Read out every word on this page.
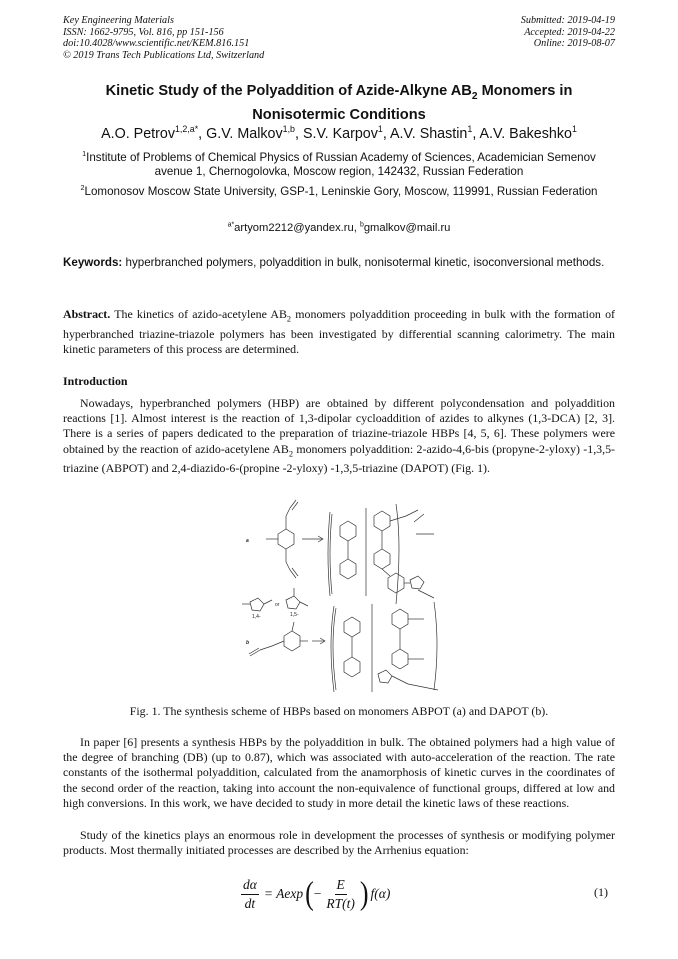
Key Engineering Materials
ISSN: 1662-9795, Vol. 816, pp 151-156
doi:10.4028/www.scientific.net/KEM.816.151
© 2019 Trans Tech Publications Ltd, Switzerland
Submitted: 2019-04-19
Accepted: 2019-04-22
Online: 2019-08-07
Kinetic Study of the Polyaddition of Azide-Alkyne $AB_2$ Monomers in Nonisotermic Conditions
A.O. Petrov$^{1,2,a*}$, G.V. Malkov$^{1,b}$, S.V. Karpov$^1$, A.V. Shastin$^1$, A.V. Bakeshko$^1$
$^1$Institute of Problems of Chemical Physics of Russian Academy of Sciences, Academician Semenov avenue 1, Chernogolovka, Moscow region, 142432, Russian Federation
$^2$Lomonosov Moscow State University, GSP-1, Leninskie Gory, Moscow, 119991, Russian Federation
$^{a*}$artyom2212@yandex.ru, $^b$gmalkov@mail.ru
Keywords: hyperbranched polymers, polyaddition in bulk, nonisotermal kinetic, isoconversional methods.
Abstract. The kinetics of azido-acetylene $AB_2$ monomers polyaddition proceeding in bulk with the formation of hyperbranched triazine-triazole polymers has been investigated by differential scanning calorimetry. The main kinetic parameters of this process are determined.
Introduction
Nowadays, hyperbranched polymers (HBP) are obtained by different polycondensation and polyaddition reactions [1]. Almost interest is the reaction of 1,3-dipolar cycloaddition of azides to alkynes (1,3-DCA) [2, 3]. There is a series of papers dedicated to the preparation of triazine-triazole HBPs [4, 5, 6]. These polymers were obtained by the reaction of azido-acetylene $AB_2$ monomers polyaddition: 2-azido-4,6-bis (propyne-2-yloxy) -1,3,5-triazine (ABPOT) and 2,4-diazido-6-(propine -2-yloxy) -1,3,5-triazine (DAPOT) (Fig. 1).
a
b
or
1,4-	1,5-
Fig. 1. The synthesis scheme of HBPs based on monomers ABPOT (a) and DAPOT (b).
In paper [6] presents a synthesis HBPs by the polyaddition in bulk. The obtained polymers had a high value of the degree of branching (DB) (up to 0.87), which was associated with auto-acceleration of the reaction. The rate constants of the isothermal polyaddition, calculated from the anamorphosis of kinetic curves in the coordinates of the second order of the reaction, taking into account the non-equivalence of functional groups, differed at low and high conversions. In this work, we have decided to study in more detail the kinetic laws of these reactions.
Study of the kinetics plays an enormous role in development the processes of synthesis or modifying polymer products. Most thermally initiated processes are described by the Arrhenius equation:
$\frac{d\alpha}{dt} = Aexp$ ( − $\frac{E}{RT(t)}$ ) f(α)	(1)
